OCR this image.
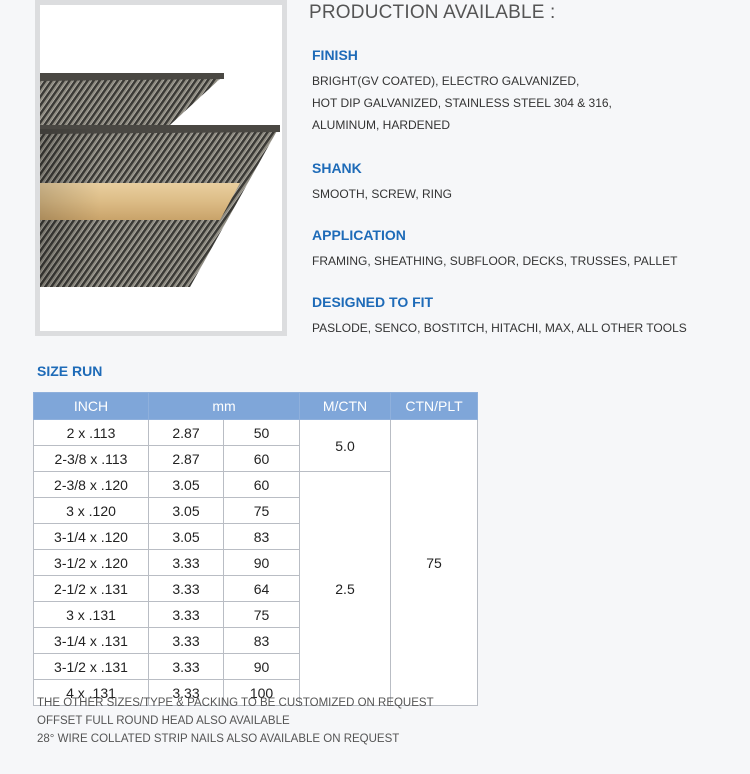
PRODUCTION AVAILABLE :
FINISH

BRIGHT(GV COATED), ELECTRO GALVANIZED,

HOT DIP GALVANIZED, STAINLESS STEEL 304 & 316,

ALUMINUM, HARDENED

SHANK

SMOOTH, SCREW, RING

APPLICATION

FRAMING, SHEATHING, SUBFLOOR, DECKS, TRUSSES, PALLET

DESIGNED TO FIT

PASLODE, SENCO, BOSTITCH, HITACHI, MAX, ALL OTHER TOOLS

SIZE RUN
INCH	mm		M/CTN	CTN/PLT
2 x .113	2.87	50	5.0	75
2-3/8 x .113	2.87	60		
2-3/8 x .120	3.05	60	2.5	
3 x .120	3.05	75		
3-1/4 x .120	3.05	83		
3-1/2 x .120	3.33	90		
2-1/2 x .131	3.33	64		
3 x .131	3.33	75		
3-1/4 x .131	3.33	83		
3-1/2 x .131	3.33	90		
4 x .131	3.33	100		
THE OTHER SIZES/TYPE & PACKING TO BE CUSTOMIZED ON REQUEST
OFFSET FULL ROUND HEAD ALSO AVAILABLE
28° WIRE COLLATED STRIP NAILS ALSO AVAILABLE ON REQUEST
